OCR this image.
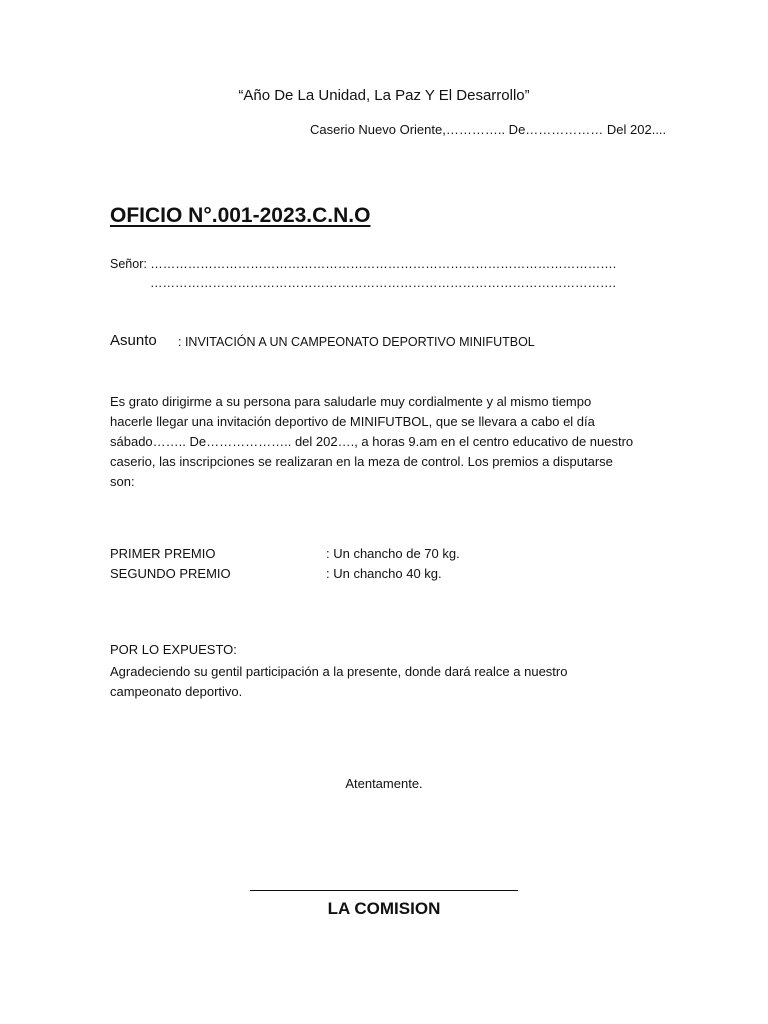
“Año De La Unidad, La Paz Y El Desarrollo”
Caserio Nuevo Oriente,………….. De……………… Del 202....
OFICIO N°.001-2023.C.N.O
Señor: ………………………………………………………………………………………………….
………………………………………………………………………………………………….
Asunto : INVITACIÓN A UN CAMPEONATO DEPORTIVO MINIFUTBOL
Es grato dirigirme a su persona para saludarle muy cordialmente y al mismo tiempo
hacerle llegar una invitación deportivo de MINIFUTBOL, que se llevara a cabo el día
sábado…….. De……………….. del 202…., a horas 9.am en el centro educativo de nuestro
caserio, las inscripciones se realizaran en la meza de control. Los premios a disputarse
son:
PRIMER PREMIO	: Un chancho de 70 kg.
SEGUNDO PREMIO	: Un chancho 40 kg.
POR LO EXPUESTO:
Agradeciendo su gentil participación a la presente, donde dará realce a nuestro
campeonato deportivo.
Atentamente.
LA COMISION
